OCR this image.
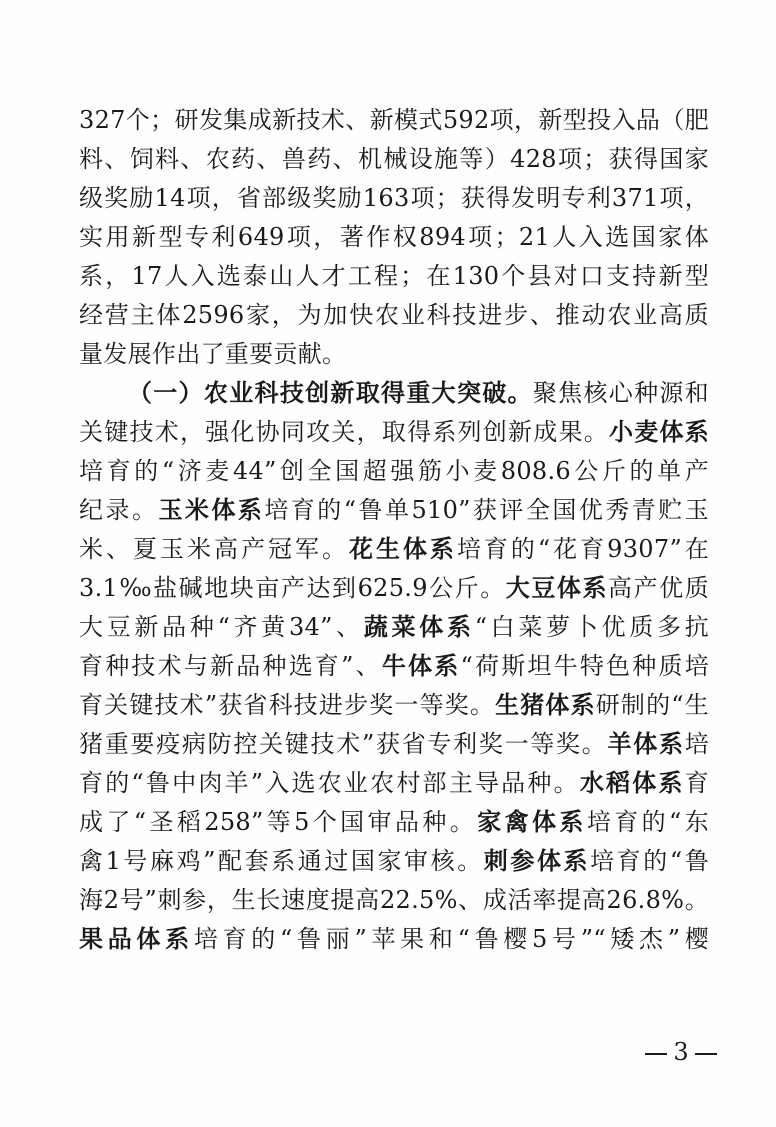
327个；研发集成新技术、新模式592项，新型投入品（肥
料、饲料、农药、兽药、机械设施等）428项；获得国家
级奖励14项，省部级奖励163项；获得发明专利371项，
实用新型专利649项，著作权894项；21人入选国家体
系，17人入选泰山人才工程；在130个县对口支持新型
经营主体2596家，为加快农业科技进步、推动农业高质
量发展作出了重要贡献。
（一）农业科技创新取得重大突破。聚焦核心种源和
关键技术，强化协同攻关，取得系列创新成果。小麦体系
培育的“济麦44”创全国超强筋小麦808.6公斤的单产
纪录。玉米体系培育的“鲁单510”获评全国优秀青贮玉
米、夏玉米高产冠军。花生体系培育的“花育9307”在
3.1‰盐碱地块亩产达到625.9公斤。大豆体系高产优质
大豆新品种“齐黄34”、蔬菜体系“白菜萝卜优质多抗
育种技术与新品种选育”、牛体系“荷斯坦牛特色种质培
育关键技术”获省科技进步奖一等奖。生猪体系研制的“生
猪重要疫病防控关键技术”获省专利奖一等奖。羊体系培
育的“鲁中肉羊”入选农业农村部主导品种。水稻体系育
成了“圣稻258”等5个国审品种。家禽体系培育的“东
禽1号麻鸡”配套系通过国家审核。刺参体系培育的“鲁
海2号”刺参，生长速度提高22.5%、成活率提高26.8%。
果品体系培育的“鲁丽”苹果和“鲁樱5号”“矮杰”樱
3
